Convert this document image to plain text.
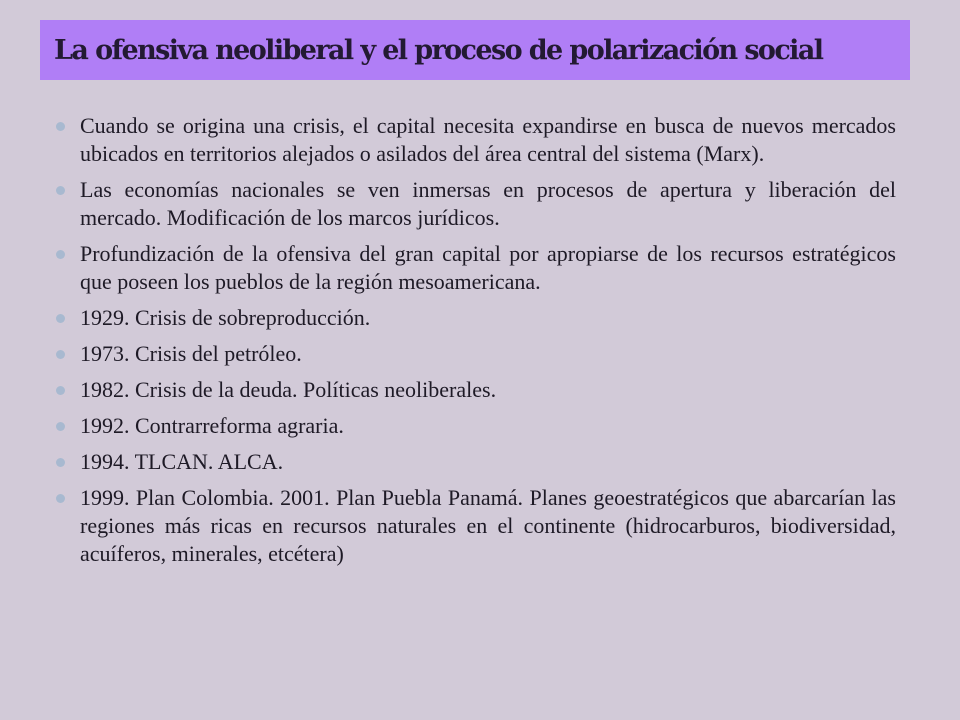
La ofensiva neoliberal y el proceso de polarización social
Cuando se origina una crisis, el capital necesita expandirse en busca de nuevos mercados ubicados en territorios alejados o asilados del área central del sistema (Marx).
Las economías nacionales se ven inmersas en procesos de apertura y liberación del mercado. Modificación de los marcos jurídicos.
Profundización de la ofensiva del gran capital por apropiarse de los recursos estratégicos que poseen los pueblos de la región mesoamericana.
1929. Crisis de sobreproducción.
1973. Crisis del petróleo.
1982. Crisis de la deuda. Políticas neoliberales.
1992. Contrarreforma agraria.
1994. TLCAN. ALCA.
1999. Plan Colombia. 2001. Plan Puebla Panamá. Planes geoestratégicos que abarcarían las regiones más ricas en recursos naturales en el continente (hidrocarburos, biodiversidad, acuíferos, minerales, etcétera)
